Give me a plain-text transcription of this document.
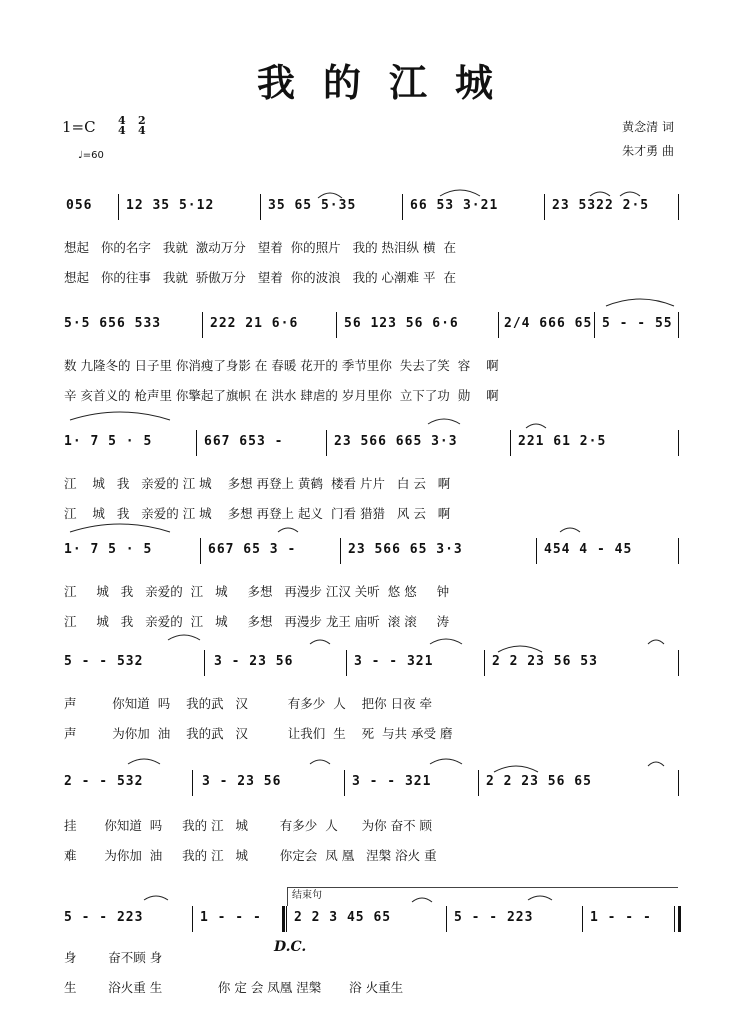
我的江城
1=C 4
4
2
4
♩=60
黄念清 词
朱才勇 曲

056

	12 35 5·12

	35 65 5·35

	66 53 3·21

	23 5322 2·5

想起   你的名字   我就  激动万分   望着  你的照片   我的 热泪纵 横  在
想起   你的往事   我就  骄傲万分   望着  你的波浪   我的 心潮难 平  在

5·5 656 533

	222 21 6·6

	56 123 56 6·6

	2/4 666 65

5 - - 55

数 九隆冬的 日子里 你消瘦了身影 在 春暖 花开的 季节里你  失去了笑  容    啊
辛 亥首义的 枪声里 你擎起了旗帜 在 洪水 肆虐的 岁月里你  立下了功  勋    啊

1· 7 5 · 5

	667 653 -

	23 566 665 3·3

	221 61 2·5

江    城   我   亲爱的 江 城    多想 再登上 黄鹤  楼看 片片   白 云   啊
江    城   我   亲爱的 江 城    多想 再登上 起义  门看 猎猎   风 云   啊

1· 7 5 · 5

	667 65 3 -

	23 566 65 3·3

	454 4 - 45

江     城   我   亲爱的  江   城     多想   再漫步 江汉 关听  悠 悠     钟
江     城   我   亲爱的  江   城     多想   再漫步 龙王 庙听  滚 滚     涛

5 - - 532

	3 - 23 56

	3 - - 321

	2 2 23 56 53

声         你知道  吗    我的武   汉          有多少  人    把你 日夜 牵
声         为你加  油    我的武   汉          让我们  生    死  与共 承受 磨

2 - - 532

	3 - 23 56

	3 - - 321

	2 2 23 56 65

挂       你知道  吗     我的 江   城        有多少  人      为你 奋不 顾
难       为你加  油     我的 江   城        你定会  凤 凰   涅槃 浴火 重
结束句

5 - - 223

	1 - - -

2 2 3 45 65

	5 - - 223

	1 - - -

D.C.
身        奋不顾 身
生        浴火重 生              你 定 会 凤凰 涅槃       浴 火重生
